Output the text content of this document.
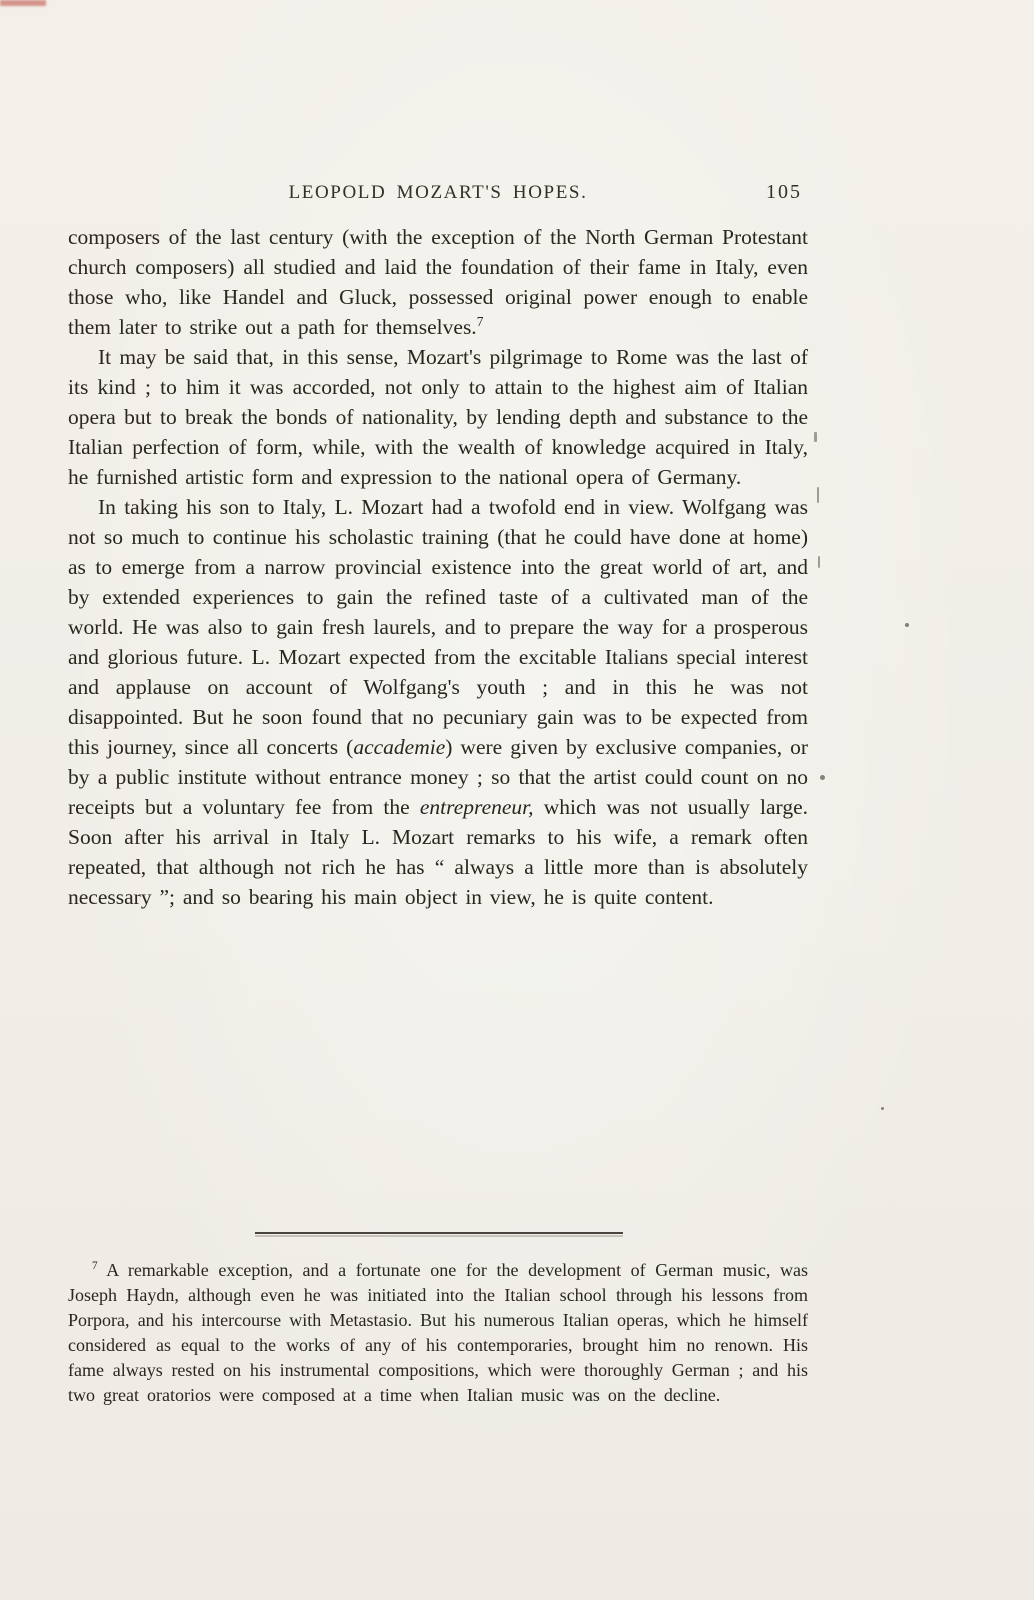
LEOPOLD MOZART'S HOPES.	105

composers of the last century (with the exception of the North German Protestant church composers) all studied and laid the foundation of their fame in Italy, even those who, like Handel and Gluck, possessed original power enough to enable them later to strike out a path for themselves.$^7$

It may be said that, in this sense, Mozart's pilgrimage to Rome was the last of its kind ; to him it was accorded, not only to attain to the highest aim of Italian opera but to break the bonds of nationality, by lending depth and substance to the Italian perfection of form, while, with the wealth of knowledge acquired in Italy, he furnished artistic form and expression to the national opera of Germany.

In taking his son to Italy, L. Mozart had a twofold end in view. Wolfgang was not so much to continue his scholastic training (that he could have done at home) as to emerge from a narrow provincial existence into the great world of art, and by extended experiences to gain the refined taste of a cultivated man of the world. He was also to gain fresh laurels, and to prepare the way for a prosperous and glorious future. L. Mozart expected from the excitable Italians special interest and applause on account of Wolfgang's youth ; and in this he was not disappointed. But he soon found that no pecuniary gain was to be expected from this journey, since all concerts (accademie) were given by exclusive companies, or by a public institute without entrance money ; so that the artist could count on no receipts but a voluntary fee from the entrepreneur, which was not usually large. Soon after his arrival in Italy L. Mozart remarks to his wife, a remark often repeated, that although not rich he has “ always a little more than is absolutely necessary ”; and so bearing his main object in view, he is quite content.

$^7$ A remarkable exception, and a fortunate one for the development of German music, was Joseph Haydn, although even he was initiated into the Italian school through his lessons from Porpora, and his intercourse with Metastasio. But his numerous Italian operas, which he himself considered as equal to the works of any of his contemporaries, brought him no renown. His fame always rested on his instrumental compositions, which were thoroughly German ; and his two great oratorios were composed at a time when Italian music was on the decline.
